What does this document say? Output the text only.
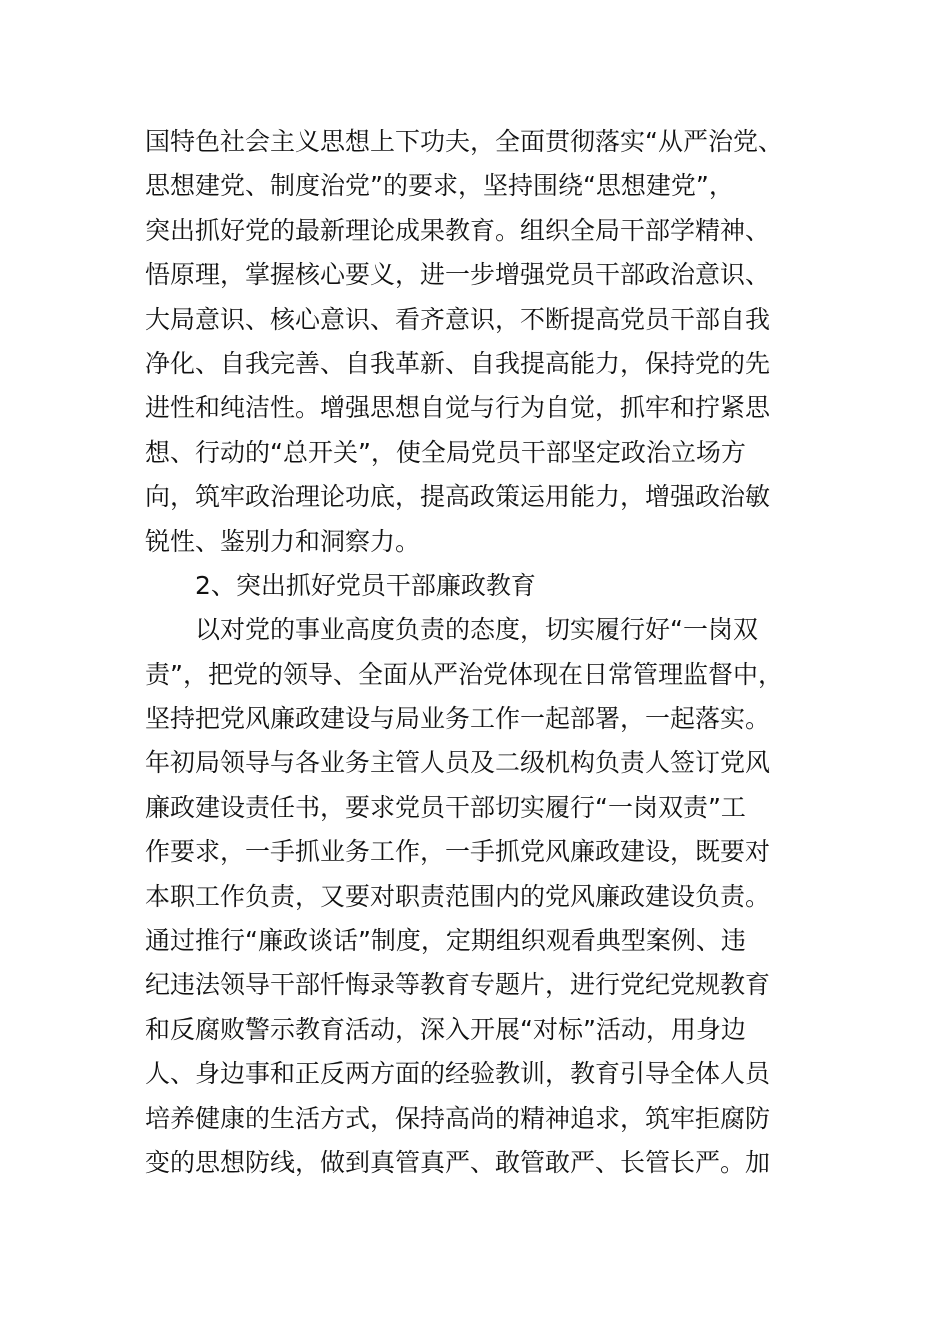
国特色社会主义思想上下功夫，全面贯彻落实“从严治党、
思想建党、制度治党”的要求，坚持围绕“思想建党”，
突出抓好党的最新理论成果教育。组织全局干部学精神、
悟原理，掌握核心要义，进一步增强党员干部政治意识、
大局意识、核心意识、看齐意识，不断提高党员干部自我
净化、自我完善、自我革新、自我提高能力，保持党的先
进性和纯洁性。增强思想自觉与行为自觉，抓牢和拧紧思
想、行动的“总开关”，使全局党员干部坚定政治立场方
向，筑牢政治理论功底，提高政策运用能力，增强政治敏
锐性、鉴别力和洞察力。
2、突出抓好党员干部廉政教育
以对党的事业高度负责的态度，切实履行好“一岗双
责”，把党的领导、全面从严治党体现在日常管理监督中，
坚持把党风廉政建设与局业务工作一起部署，一起落实。
年初局领导与各业务主管人员及二级机构负责人签订党风
廉政建设责任书，要求党员干部切实履行“一岗双责”工
作要求，一手抓业务工作，一手抓党风廉政建设，既要对
本职工作负责，又要对职责范围内的党风廉政建设负责。
通过推行“廉政谈话”制度，定期组织观看典型案例、违
纪违法领导干部忏悔录等教育专题片，进行党纪党规教育
和反腐败警示教育活动，深入开展“对标”活动，用身边
人、身边事和正反两方面的经验教训，教育引导全体人员
培养健康的生活方式，保持高尚的精神追求，筑牢拒腐防
变的思想防线，做到真管真严、敢管敢严、长管长严。加
